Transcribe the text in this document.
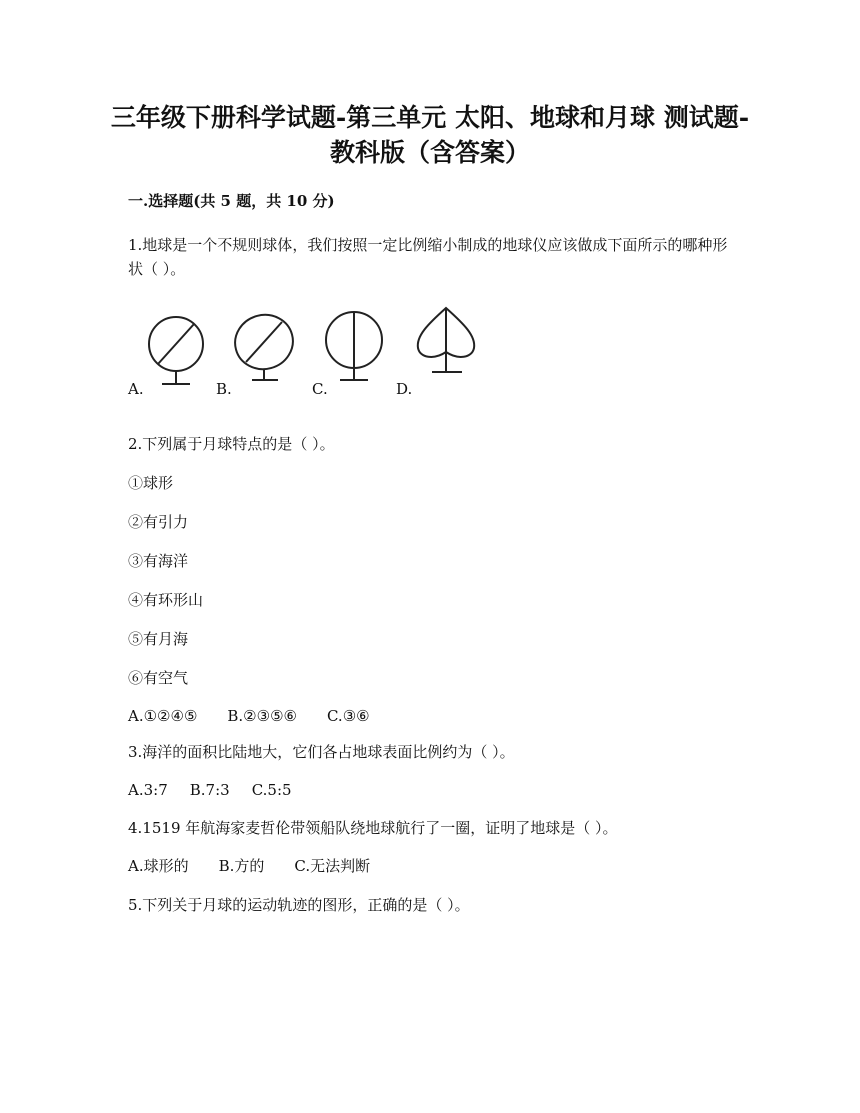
三年级下册科学试题-第三单元 太阳、地球和月球 测试题-教科版（含答案）
一.选择题(共 5 题，共 10 分)
1.地球是一个不规则球体，我们按照一定比例缩小制成的地球仪应该做成下面所示的哪种形状（ ）。
A.	B.	C.	D.
2.下列属于月球特点的是（ ）。
①球形
②有引力
③有海洋
④有环形山
⑤有月海
⑥有空气
A.①②④⑤ B.②③⑤⑥ C.③⑥
3.海洋的面积比陆地大，它们各占地球表面比例约为（ ）。
A.3:7 B.7:3 C.5:5
4.1519 年航海家麦哲伦带领船队绕地球航行了一圈，证明了地球是（ ）。
A.球形的 B.方的 C.无法判断
5.下列关于月球的运动轨迹的图形，正确的是（ ）。
